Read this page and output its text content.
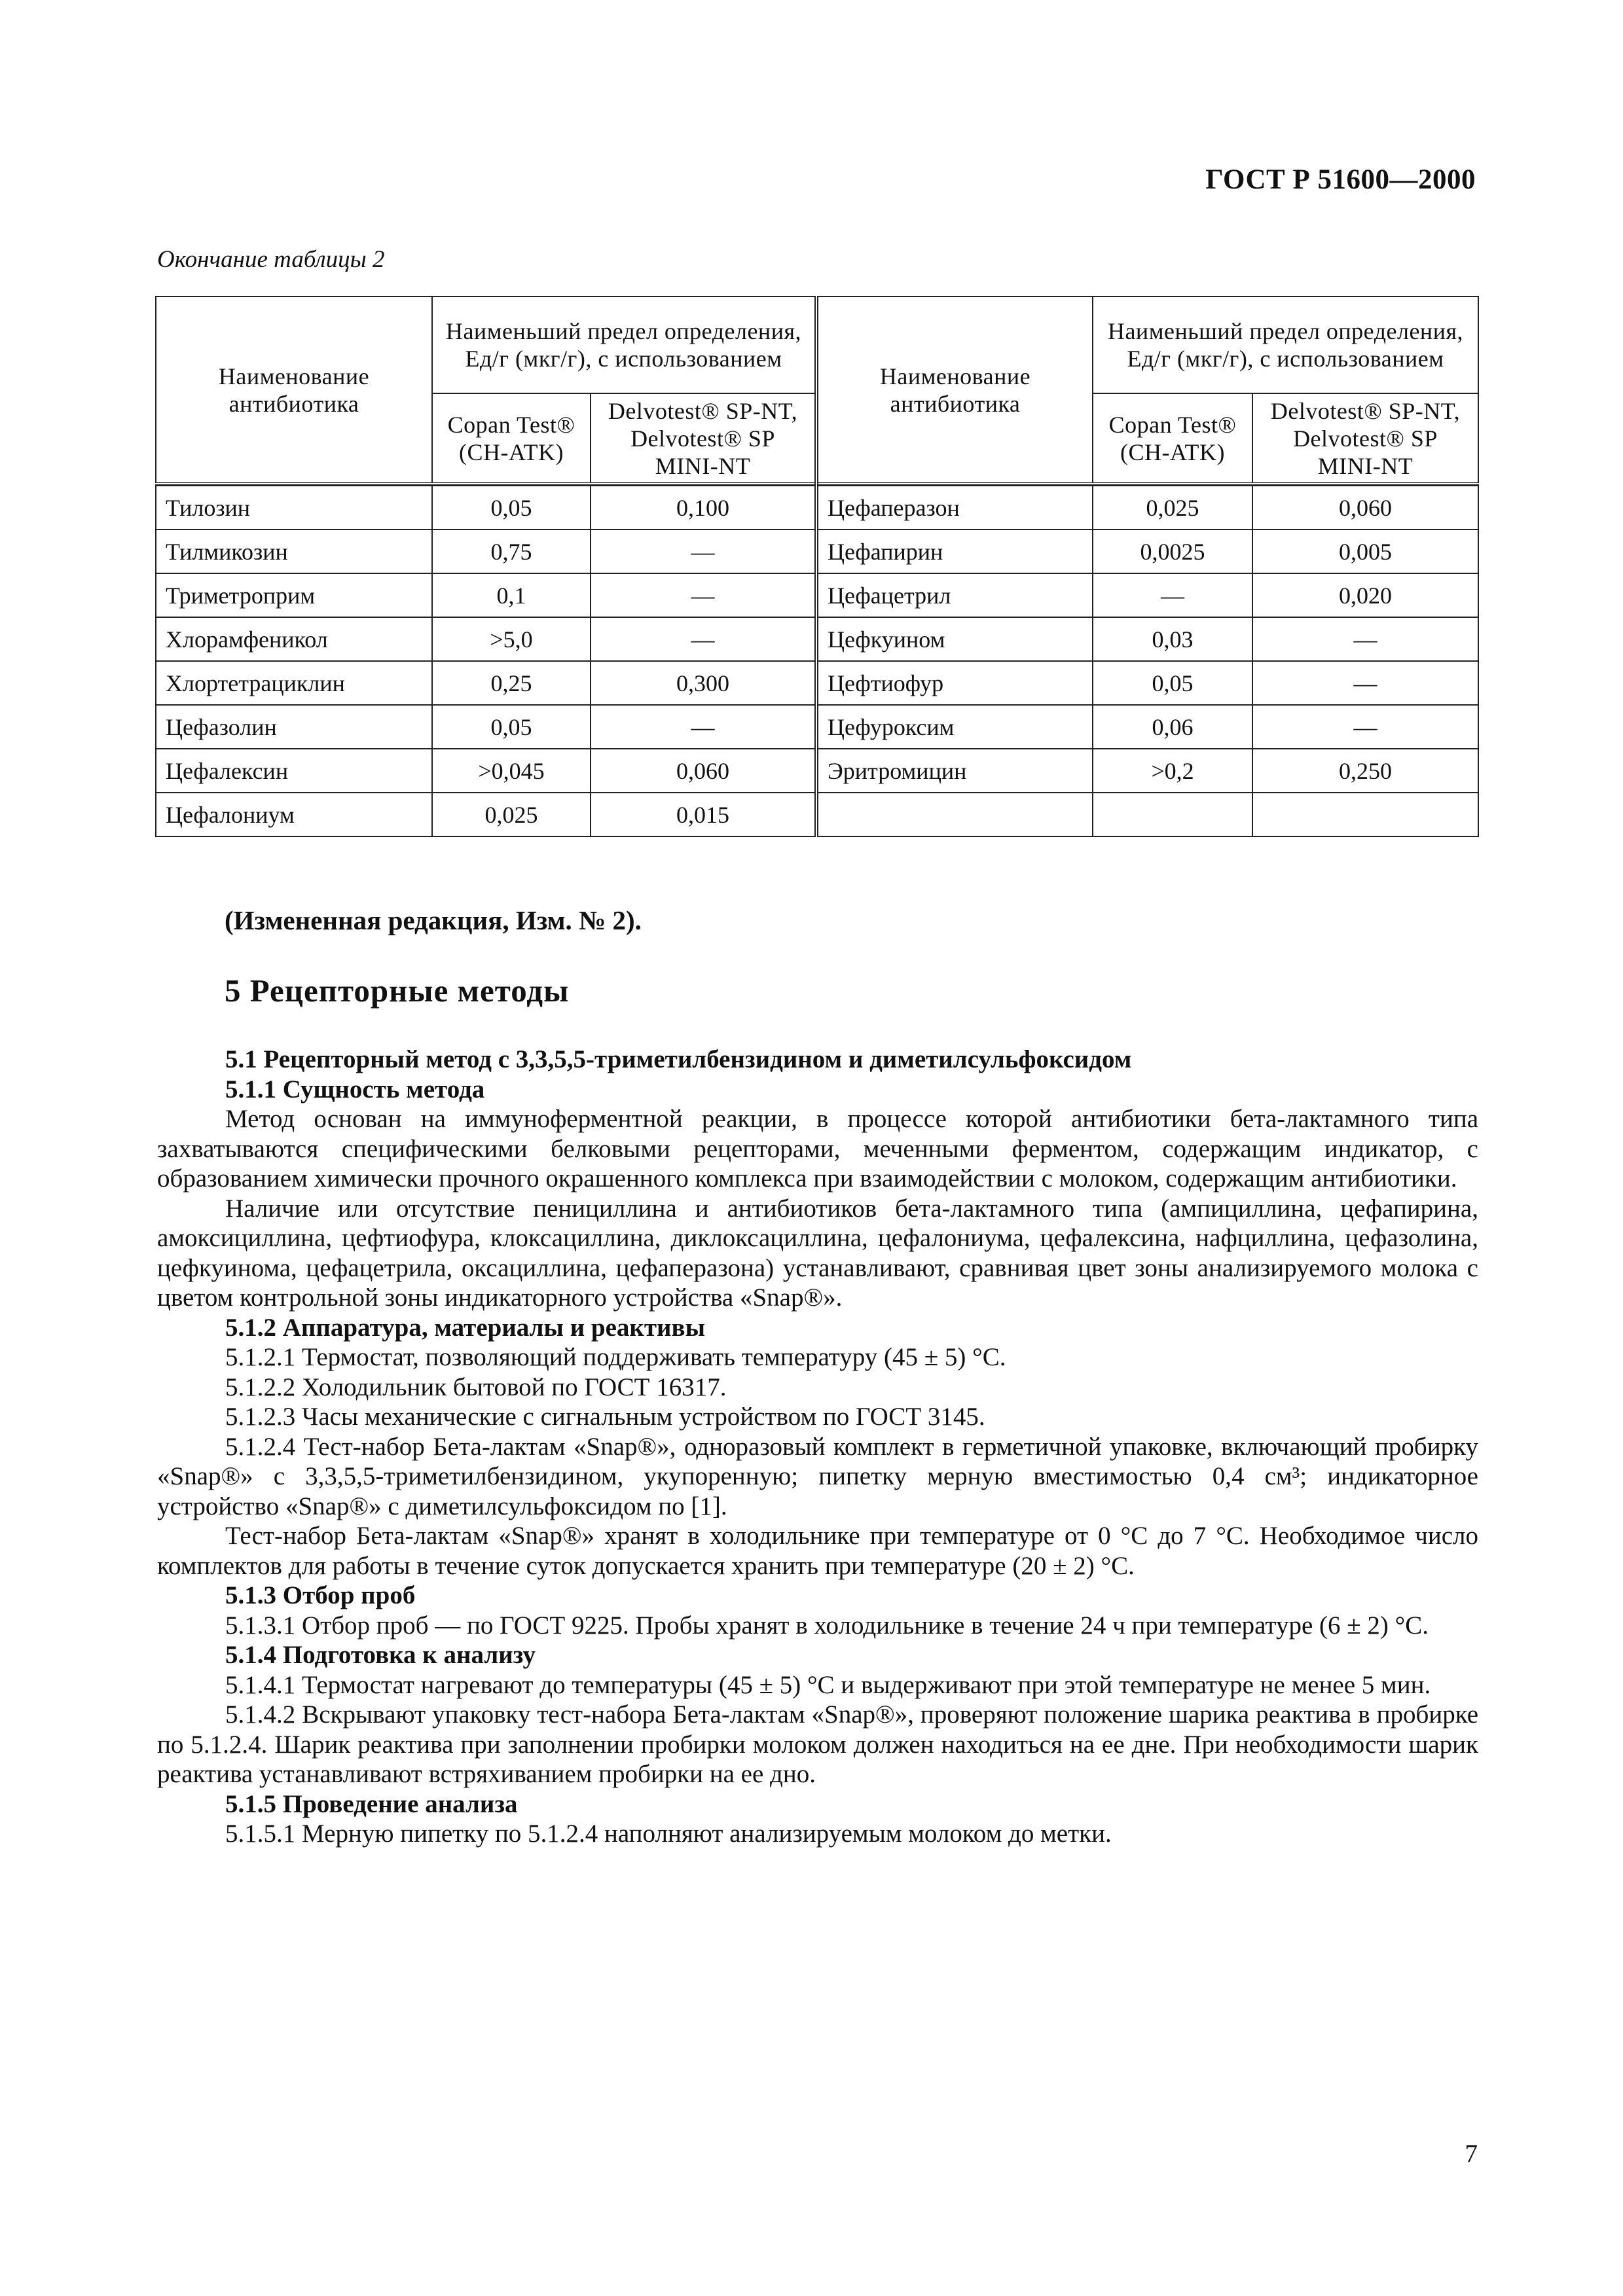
ГОСТ Р 51600—2000
Окончание таблицы 2
Наименование антибиотика	Наименьший предел определения, Ед/г (мкг/г), с использованием		Наименование антибиотика	Наименьший предел определения, Ед/г (мкг/г), с использованием	
	Copan Test® (CH-ATK)	Delvotest® SP-NT, Delvotest® SP MINI-NT		Copan Test® (CH-ATK)	Delvotest® SP-NT, Delvotest® SP MINI-NT

Тилозин	0,05	0,100	Цефаперазон	0,025	0,060
Тилмикозин	0,75	—	Цефапирин	0,0025	0,005
Триметроприм	0,1	—	Цефацетрил	—	0,020
Хлорамфеникол	>5,0	—	Цефкуином	0,03	—
Хлортетрациклин	0,25	0,300	Цефтиофур	0,05	—
Цефазолин	0,05	—	Цефуроксим	0,06	—
Цефалексин	>0,045	0,060	Эритромицин	>0,2	0,250
Цефалониум	0,025	0,015			
(Измененная редакция, Изм. № 2).
5 Рецепторные методы

5.1 Рецепторный метод с 3,3,5,5-триметилбензидином и диметилсульфоксидом

5.1.1 Сущность метода

Метод основан на иммуноферментной реакции, в процессе которой антибиотики бета-лактамного типа захватываются специфическими белковыми рецепторами, меченными ферментом, содержащим индикатор, с образованием химически прочного окрашенного комплекса при взаимодействии с молоком, содержащим антибиотики.

Наличие или отсутствие пенициллина и антибиотиков бета-лактамного типа (ампициллина, цефапирина, амоксициллина, цефтиофура, клоксациллина, диклоксациллина, цефалониума, цефалексина, нафциллина, цефазолина, цефкуинома, цефацетрила, оксациллина, цефаперазона) устанавливают, сравнивая цвет зоны анализируемого молока с цветом контрольной зоны индикаторного устройства «Snap®».

5.1.2 Аппаратура, материалы и реактивы

5.1.2.1 Термостат, позволяющий поддерживать температуру (45 ± 5) °С.

5.1.2.2 Холодильник бытовой по ГОСТ 16317.

5.1.2.3 Часы механические с сигнальным устройством по ГОСТ 3145.

5.1.2.4 Тест-набор Бета-лактам «Snap®», одноразовый комплект в герметичной упаковке, включающий пробирку «Snap®» с 3,3,5,5-триметилбензидином, укупоренную; пипетку мерную вместимостью 0,4 см³; индикаторное устройство «Snap®» с диметилсульфоксидом по [1].

Тест-набор Бета-лактам «Snap®» хранят в холодильнике при температуре от 0 °С до 7 °С. Необходимое число комплектов для работы в течение суток допускается хранить при температуре (20 ± 2) °С.

5.1.3 Отбор проб

5.1.3.1 Отбор проб — по ГОСТ 9225. Пробы хранят в холодильнике в течение 24 ч при температуре (6 ± 2) °С.

5.1.4 Подготовка к анализу

5.1.4.1 Термостат нагревают до температуры (45 ± 5) °С и выдерживают при этой температуре не менее 5 мин.

5.1.4.2 Вскрывают упаковку тест-набора Бета-лактам «Snap®», проверяют положение шарика реактива в пробирке по 5.1.2.4. Шарик реактива при заполнении пробирки молоком должен находиться на ее дне. При необходимости шарик реактива устанавливают встряхиванием пробирки на ее дно.

5.1.5 Проведение анализа

5.1.5.1 Мерную пипетку по 5.1.2.4 наполняют анализируемым молоком до метки.

7
